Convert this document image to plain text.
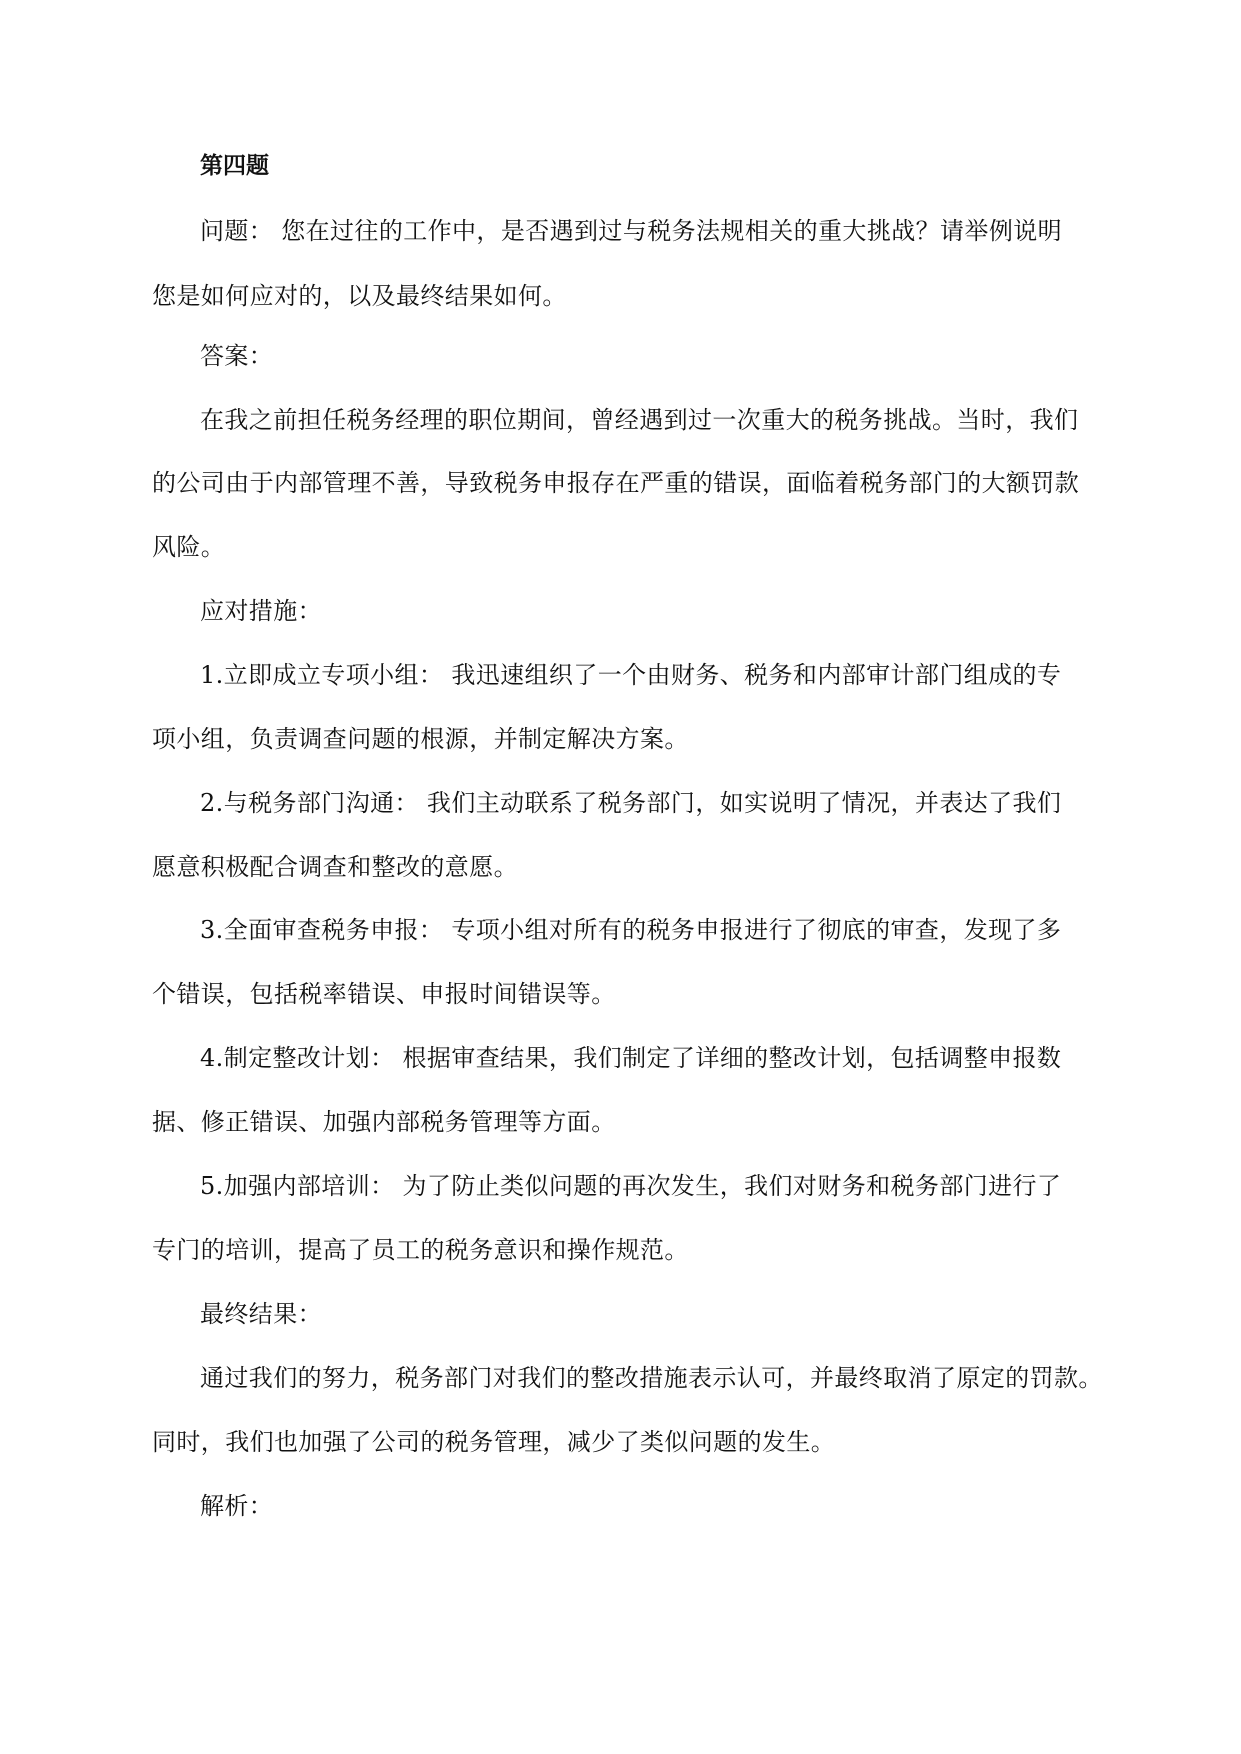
第四题
问题： 您在过往的工作中，是否遇到过与税务法规相关的重大挑战？请举例说明
您是如何应对的，以及最终结果如何。
答案：
在我之前担任税务经理的职位期间，曾经遇到过一次重大的税务挑战。当时，我们
的公司由于内部管理不善，导致税务申报存在严重的错误，面临着税务部门的大额罚款
风险。
应对措施：
1.立即成立专项小组： 我迅速组织了一个由财务、税务和内部审计部门组成的专
项小组，负责调查问题的根源，并制定解决方案。
2.与税务部门沟通： 我们主动联系了税务部门，如实说明了情况，并表达了我们
愿意积极配合调查和整改的意愿。
3.全面审查税务申报： 专项小组对所有的税务申报进行了彻底的审查，发现了多
个错误，包括税率错误、申报时间错误等。
4.制定整改计划： 根据审查结果，我们制定了详细的整改计划，包括调整申报数
据、修正错误、加强内部税务管理等方面。
5.加强内部培训： 为了防止类似问题的再次发生，我们对财务和税务部门进行了
专门的培训，提高了员工的税务意识和操作规范。
最终结果：
通过我们的努力，税务部门对我们的整改措施表示认可，并最终取消了原定的罚款。
同时，我们也加强了公司的税务管理，减少了类似问题的发生。
解析：
